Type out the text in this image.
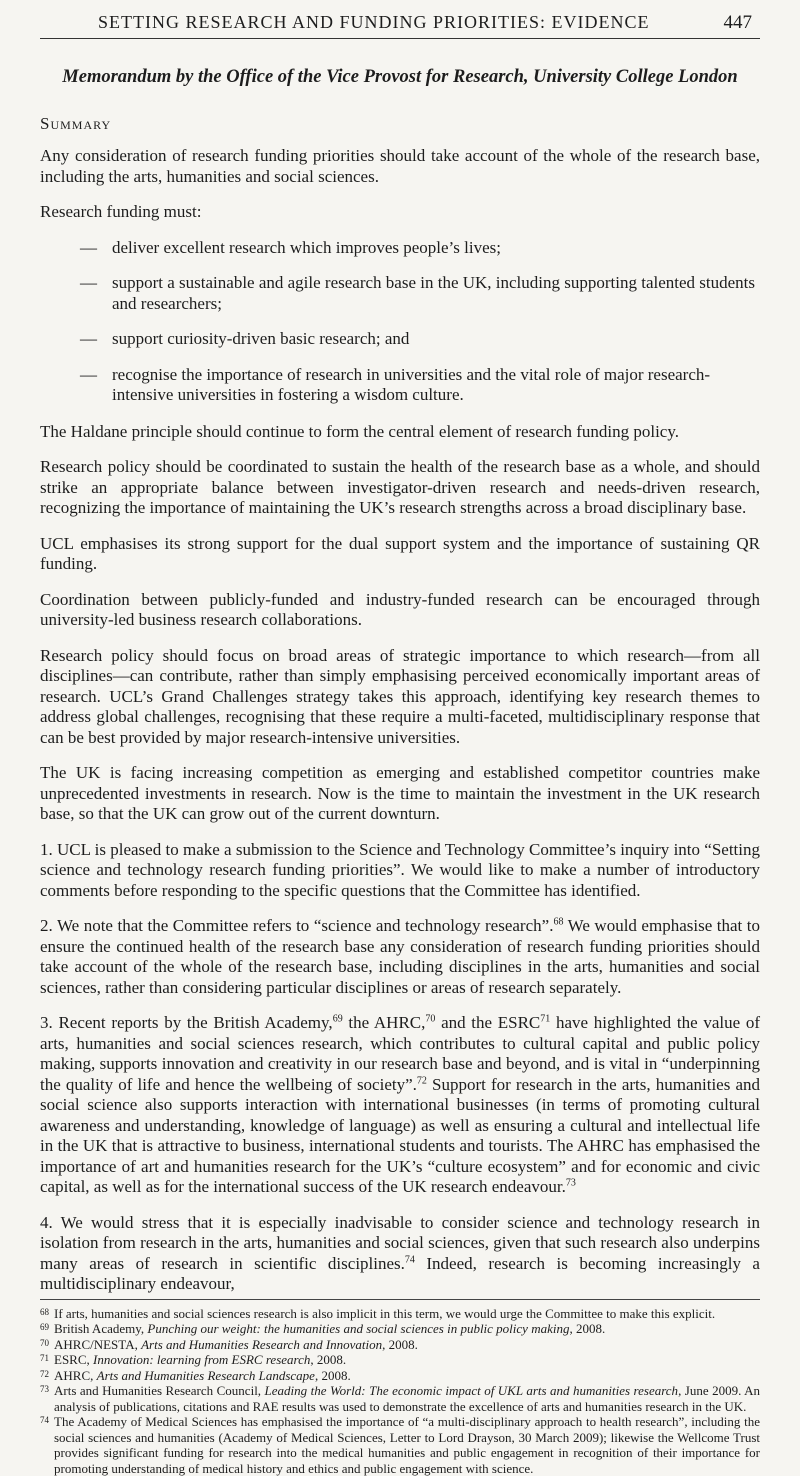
SETTING RESEARCH AND FUNDING PRIORITIES: EVIDENCE	447
Memorandum by the Office of the Vice Provost for Research, University College London
Summary

Any consideration of research funding priorities should take account of the whole of the research base, including the arts, humanities and social sciences.

Research funding must:

— deliver excellent research which improves people’s lives;
— support a sustainable and agile research base in the UK, including supporting talented students and researchers;
— support curiosity-driven basic research; and
— recognise the importance of research in universities and the vital role of major research-intensive universities in fostering a wisdom culture.

The Haldane principle should continue to form the central element of research funding policy.

Research policy should be coordinated to sustain the health of the research base as a whole, and should strike an appropriate balance between investigator-driven research and needs-driven research, recognizing the importance of maintaining the UK’s research strengths across a broad disciplinary base.

UCL emphasises its strong support for the dual support system and the importance of sustaining QR funding.

Coordination between publicly-funded and industry-funded research can be encouraged through university-led business research collaborations.

Research policy should focus on broad areas of strategic importance to which research—from all disciplines—can contribute, rather than simply emphasising perceived economically important areas of research. UCL’s Grand Challenges strategy takes this approach, identifying key research themes to address global challenges, recognising that these require a multi-faceted, multidisciplinary response that can be best provided by major research-intensive universities.

The UK is facing increasing competition as emerging and established competitor countries make unprecedented investments in research. Now is the time to maintain the investment in the UK research base, so that the UK can grow out of the current downturn.

1. UCL is pleased to make a submission to the Science and Technology Committee’s inquiry into “Setting science and technology research funding priorities”. We would like to make a number of introductory comments before responding to the specific questions that the Committee has identified.

2. We note that the Committee refers to “science and technology research”.$^{68}$ We would emphasise that to ensure the continued health of the research base any consideration of research funding priorities should take account of the whole of the research base, including disciplines in the arts, humanities and social sciences, rather than considering particular disciplines or areas of research separately.

3. Recent reports by the British Academy,$^{69}$ the AHRC,$^{70}$ and the ESRC$^{71}$ have highlighted the value of arts, humanities and social sciences research, which contributes to cultural capital and public policy making, supports innovation and creativity in our research base and beyond, and is vital in “underpinning the quality of life and hence the wellbeing of society”.$^{72}$ Support for research in the arts, humanities and social science also supports interaction with international businesses (in terms of promoting cultural awareness and understanding, knowledge of language) as well as ensuring a cultural and intellectual life in the UK that is attractive to business, international students and tourists. The AHRC has emphasised the importance of art and humanities research for the UK’s “culture ecosystem” and for economic and civic capital, as well as for the international success of the UK research endeavour.$^{73}$

4. We would stress that it is especially inadvisable to consider science and technology research in isolation from research in the arts, humanities and social sciences, given that such research also underpins many areas of research in scientific disciplines.$^{74}$ Indeed, research is becoming increasingly a multidisciplinary endeavour,

68 If arts, humanities and social sciences research is also implicit in this term, we would urge the Committee to make this explicit.
69 British Academy, Punching our weight: the humanities and social sciences in public policy making, 2008.
70 AHRC/NESTA, Arts and Humanities Research and Innovation, 2008.
71 ESRC, Innovation: learning from ESRC research, 2008.
72 AHRC, Arts and Humanities Research Landscape, 2008.
73 Arts and Humanities Research Council, Leading the World: The economic impact of UKL arts and humanities research, June 2009. An analysis of publications, citations and RAE results was used to demonstrate the excellence of arts and humanities research in the UK.
74 The Academy of Medical Sciences has emphasised the importance of “a multi-disciplinary approach to health research”, including the social sciences and humanities (Academy of Medical Sciences, Letter to Lord Drayson, 30 March 2009); likewise the Wellcome Trust provides significant funding for research into the medical humanities and public engagement in recognition of their importance for promoting understanding of medical history and ethics and public engagement with science.
